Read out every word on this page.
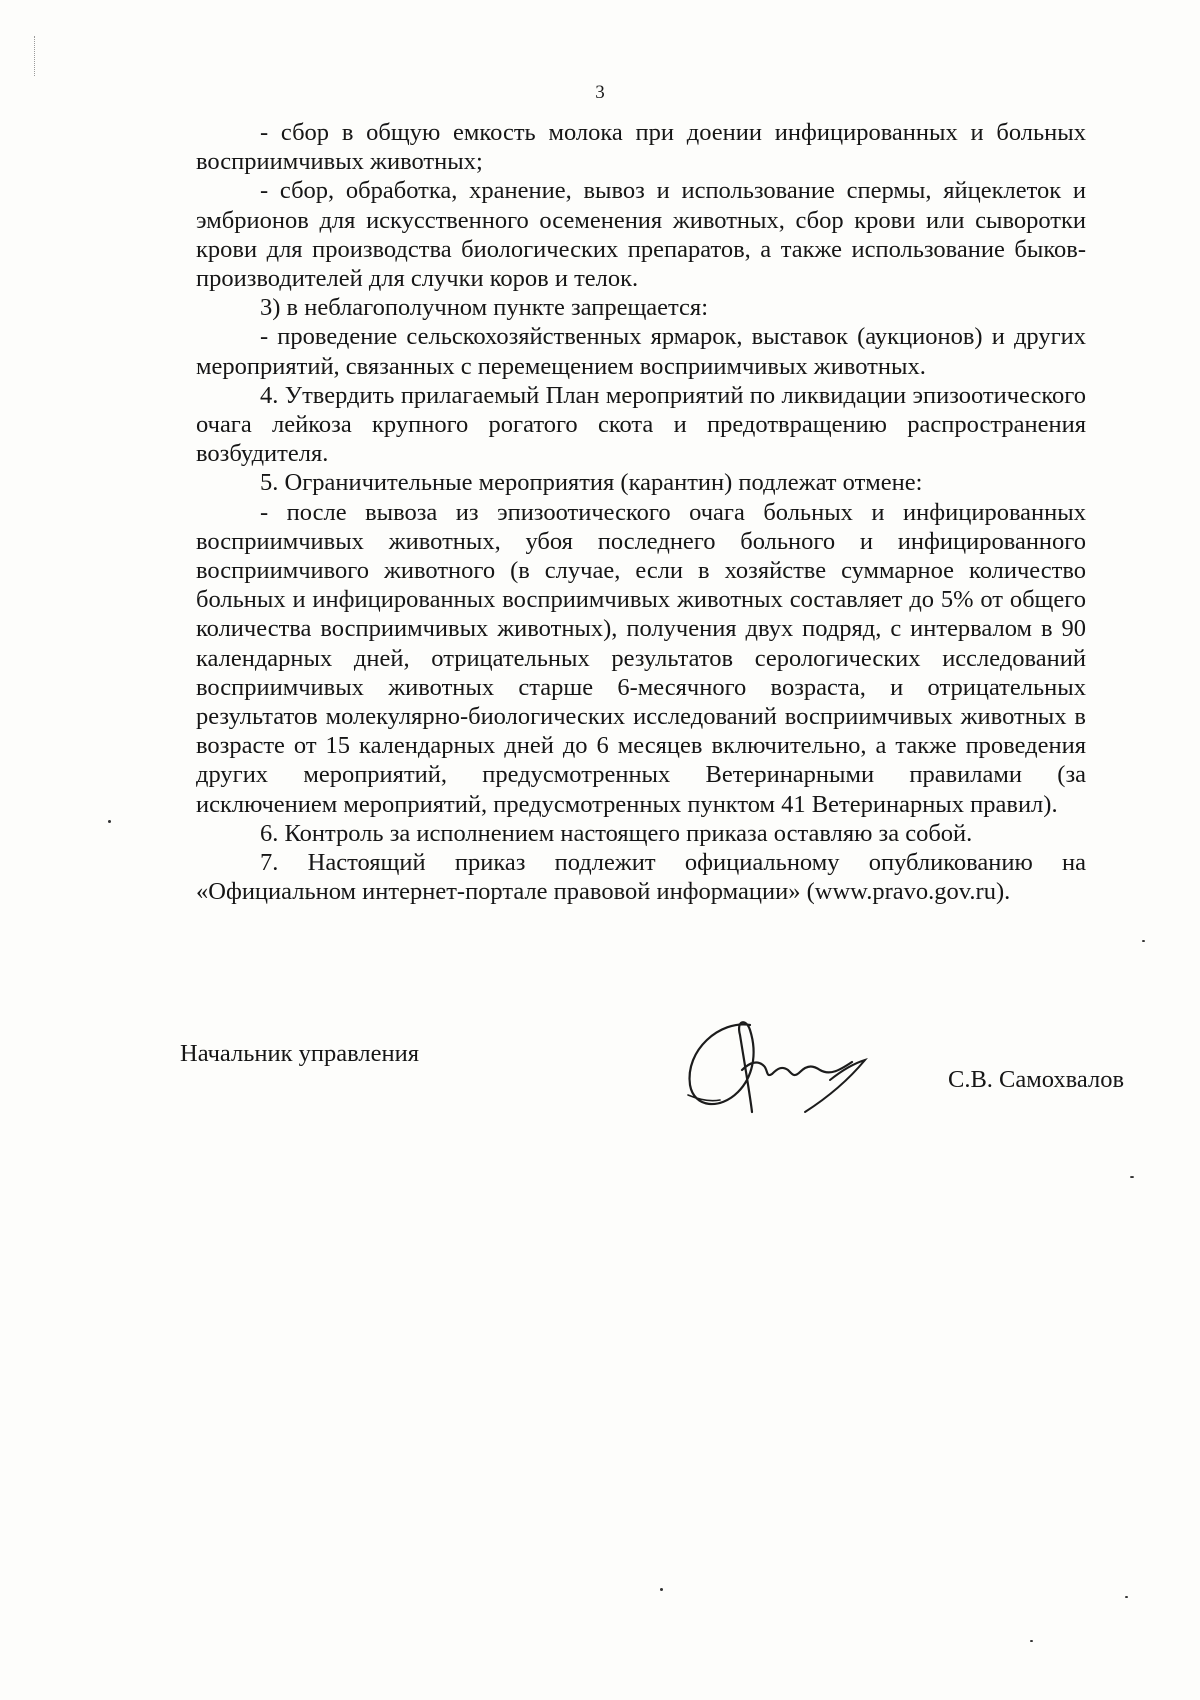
3

- сбор в общую емкость молока при доении инфицированных и больных восприимчивых животных;

- сбор, обработка, хранение, вывоз и использование спермы, яйцеклеток и эмбрионов для искусственного осеменения животных, сбор крови или сыворотки крови для производства биологических препаратов, а также использование быков-производителей для случки коров и телок.

3) в неблагополучном пункте запрещается:

- проведение сельскохозяйственных ярмарок, выставок (аукционов) и других мероприятий, связанных с перемещением восприимчивых животных.

4. Утвердить прилагаемый План мероприятий по ликвидации эпизоотического очага лейкоза крупного рогатого скота и предотвращению распространения возбудителя.

5. Ограничительные мероприятия (карантин) подлежат отмене:

- после вывоза из эпизоотического очага больных и инфицированных восприимчивых животных, убоя последнего больного и инфицированного восприимчивого животного (в случае, если в хозяйстве суммарное количество больных и инфицированных восприимчивых животных составляет до 5% от общего количества восприимчивых животных), получения двух подряд, с интервалом в 90 календарных дней, отрицательных результатов серологических исследований восприимчивых животных старше 6-месячного возраста, и отрицательных результатов молекулярно-биологических исследований восприимчивых животных в возрасте от 15 календарных дней до 6 месяцев включительно, а также проведения других мероприятий, предусмотренных Ветеринарными правилами (за исключением мероприятий, предусмотренных пунктом 41 Ветеринарных правил).

6. Контроль за исполнением настоящего приказа оставляю за собой.

7. Настоящий приказ подлежит официальному опубликованию на «Официальном интернет-портале правовой информации» (www.pravo.gov.ru).

Начальник управления
С.В. Самохвалов
